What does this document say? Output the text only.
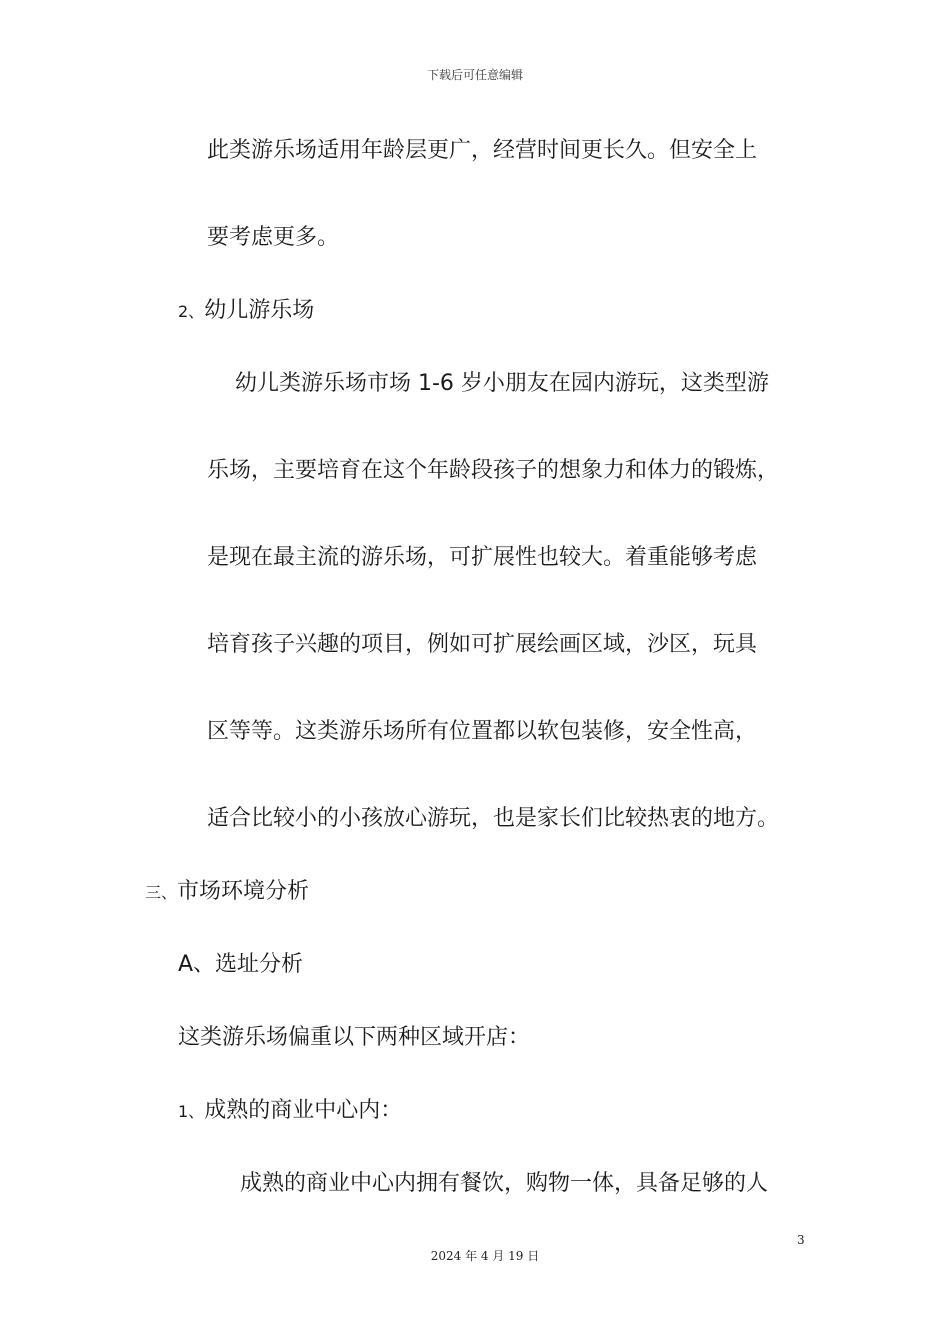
下载后可任意编辑
此类游乐场适用年龄层更广，经营时间更长久。但安全上
要考虑更多。
2、幼儿游乐场
幼儿类游乐场市场 1-6 岁小朋友在园内游玩，这类型游
乐场，主要培育在这个年龄段孩子的想象力和体力的锻炼，
是现在最主流的游乐场，可扩展性也较大。着重能够考虑
培育孩子兴趣的项目，例如可扩展绘画区域，沙区，玩具
区等等。这类游乐场所有位置都以软包装修，安全性高，
适合比较小的小孩放心游玩，也是家长们比较热衷的地方。
三、市场环境分析
A、选址分析
这类游乐场偏重以下两种区域开店：
1、成熟的商业中心内：
成熟的商业中心内拥有餐饮，购物一体，具备足够的人
3
2024 年 4 月 19 日
